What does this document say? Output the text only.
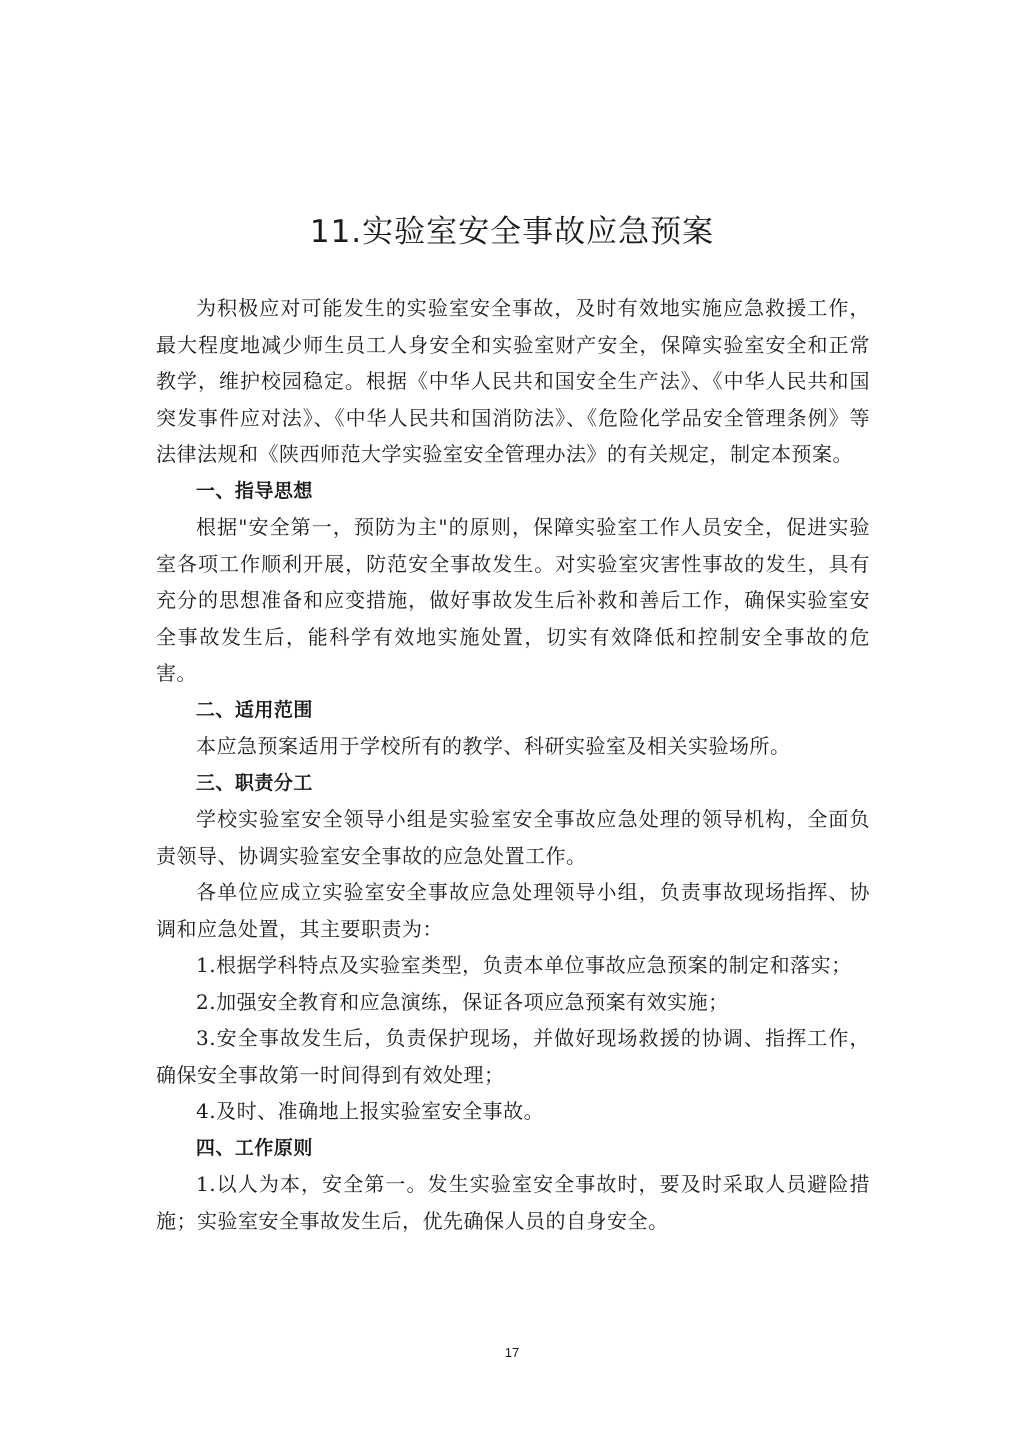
11.实验室安全事故应急预案

为积极应对可能发生的实验室安全事故，及时有效地实施应急救援工作，最大程度地减少师生员工人身安全和实验室财产安全，保障实验室安全和正常教学，维护校园稳定。根据《中华人民共和国安全生产法》、《中华人民共和国突发事件应对法》、《中华人民共和国消防法》、《危险化学品安全管理条例》等法律法规和《陕西师范大学实验室安全管理办法》的有关规定，制定本预案。

一、指导思想

根据"安全第一，预防为主"的原则，保障实验室工作人员安全，促进实验室各项工作顺利开展，防范安全事故发生。对实验室灾害性事故的发生，具有充分的思想准备和应变措施，做好事故发生后补救和善后工作，确保实验室安全事故发生后，能科学有效地实施处置，切实有效降低和控制安全事故的危害。

二、适用范围

本应急预案适用于学校所有的教学、科研实验室及相关实验场所。

三、职责分工

学校实验室安全领导小组是实验室安全事故应急处理的领导机构，全面负责领导、协调实验室安全事故的应急处置工作。

各单位应成立实验室安全事故应急处理领导小组，负责事故现场指挥、协调和应急处置，其主要职责为：

1.根据学科特点及实验室类型，负责本单位事故应急预案的制定和落实；

2.加强安全教育和应急演练，保证各项应急预案有效实施；

3.安全事故发生后，负责保护现场，并做好现场救援的协调、指挥工作，确保安全事故第一时间得到有效处理；

4.及时、准确地上报实验室安全事故。

四、工作原则

1.以人为本，安全第一。发生实验室安全事故时，要及时采取人员避险措施；实验室安全事故发生后，优先确保人员的自身安全。

17
